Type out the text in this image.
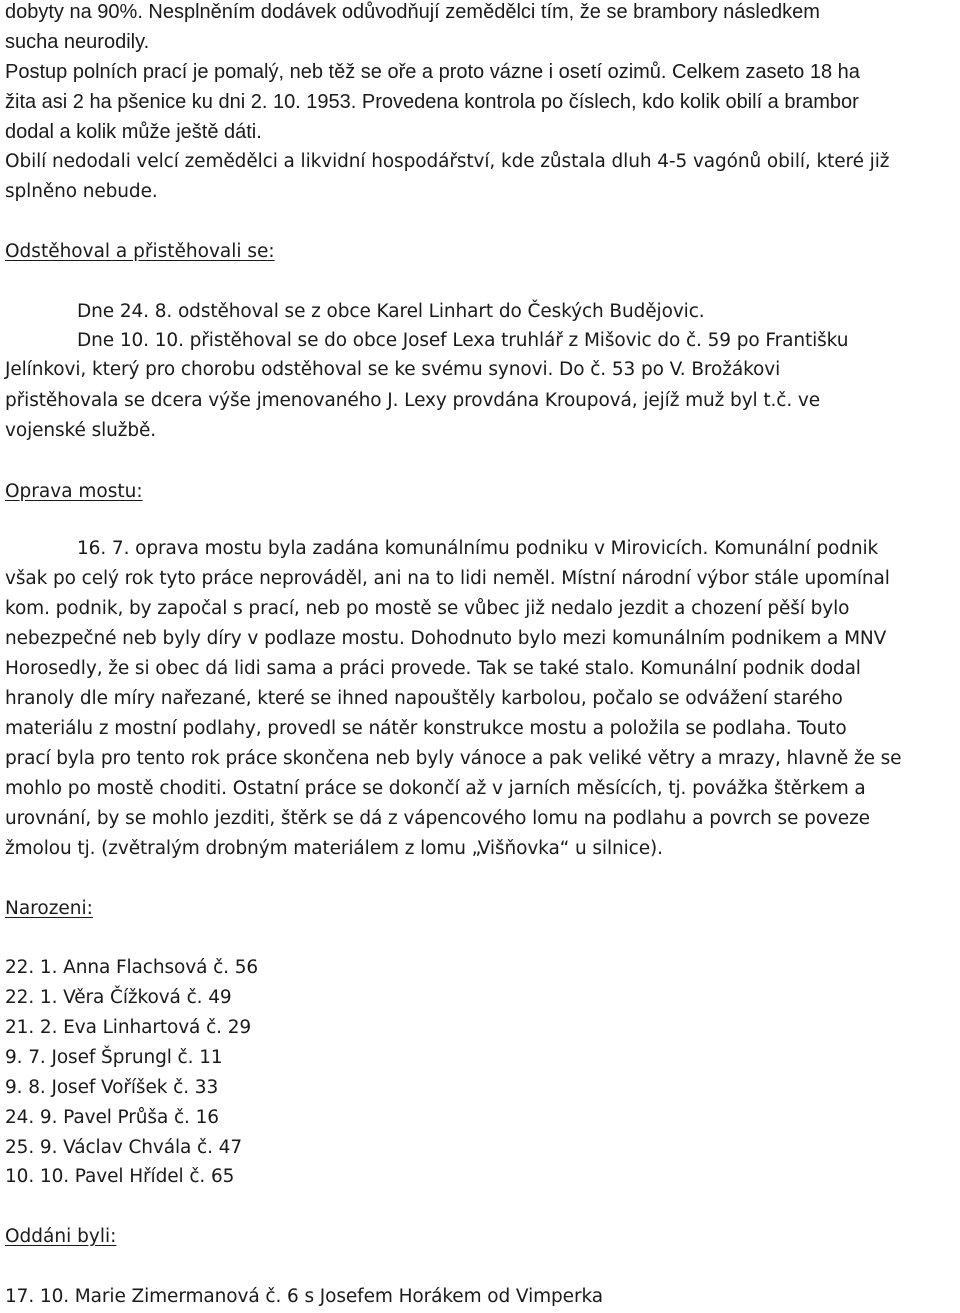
dobyty na 90%. Nesplněním dodávek odůvodňují zemědělci tím, že se brambory následkem
sucha neurodily.
Postup polních prací je pomalý, neb těž se oře a proto vázne i osetí ozimů. Celkem zaseto 18 ha
žita asi 2 ha pšenice ku dni 2. 10. 1953. Provedena kontrola po číslech, kdo kolik obilí a brambor
dodal a kolik může ještě dáti.
Obilí nedodali velcí zemědělci a likvidní hospodářství, kde zůstala dluh 4-5 vagónů obilí, které již
splněno nebude.
Odstěhoval a přistěhovali se:
Dne 24. 8. odstěhoval se z obce Karel Linhart do Českých Budějovic.
Dne 10. 10. přistěhoval se do obce Josef Lexa truhlář z Mišovic do č. 59 po Františku
Jelínkovi, který pro chorobu odstěhoval se ke svému synovi. Do č. 53 po V. Brožákovi
přistěhovala se dcera výše jmenovaného J. Lexy provdána Kroupová, jejíž muž byl t.č. ve
vojenské službě.
Oprava mostu:
16. 7. oprava mostu byla zadána komunálnímu podniku v Mirovicích. Komunální podnik
však po celý rok tyto práce neprováděl, ani na to lidi neměl. Místní národní výbor stále upomínal
kom. podnik, by započal s prací, neb po mostě se vůbec již nedalo jezdit a chození pěší bylo
nebezpečné neb byly díry v podlaze mostu. Dohodnuto bylo mezi komunálním podnikem a MNV
Horosedly, že si obec dá lidi sama a práci provede. Tak se také stalo. Komunální podnik dodal
hranoly dle míry nařezané, které se ihned napouštěly karbolou, počalo se odvážení starého
materiálu z mostní podlahy, provedl se nátěr konstrukce mostu a položila se podlaha. Touto
prací byla pro tento rok práce skončena neb byly vánoce a pak veliké větry a mrazy, hlavně že se
mohlo po mostě choditi. Ostatní práce se dokončí až v jarních měsících, tj. povážka štěrkem a
urovnání, by se mohlo jezditi, štěrk se dá z vápencového lomu na podlahu a povrch se poveze
žmolou tj. (zvětralým drobným materiálem z lomu „Višňovka“ u silnice).
Narozeni:
22. 1. Anna Flachsová č. 56
22. 1. Věra Čížková č. 49
21. 2. Eva Linhartová č. 29
9. 7. Josef Šprungl č. 11
9. 8. Josef Voříšek č. 33
24. 9. Pavel Průša č. 16
25. 9. Václav Chvála č. 47
10. 10. Pavel Hřídel č. 65
Oddáni byli:
17. 10. Marie Zimermanová č. 6 s Josefem Horákem od Vimperka
